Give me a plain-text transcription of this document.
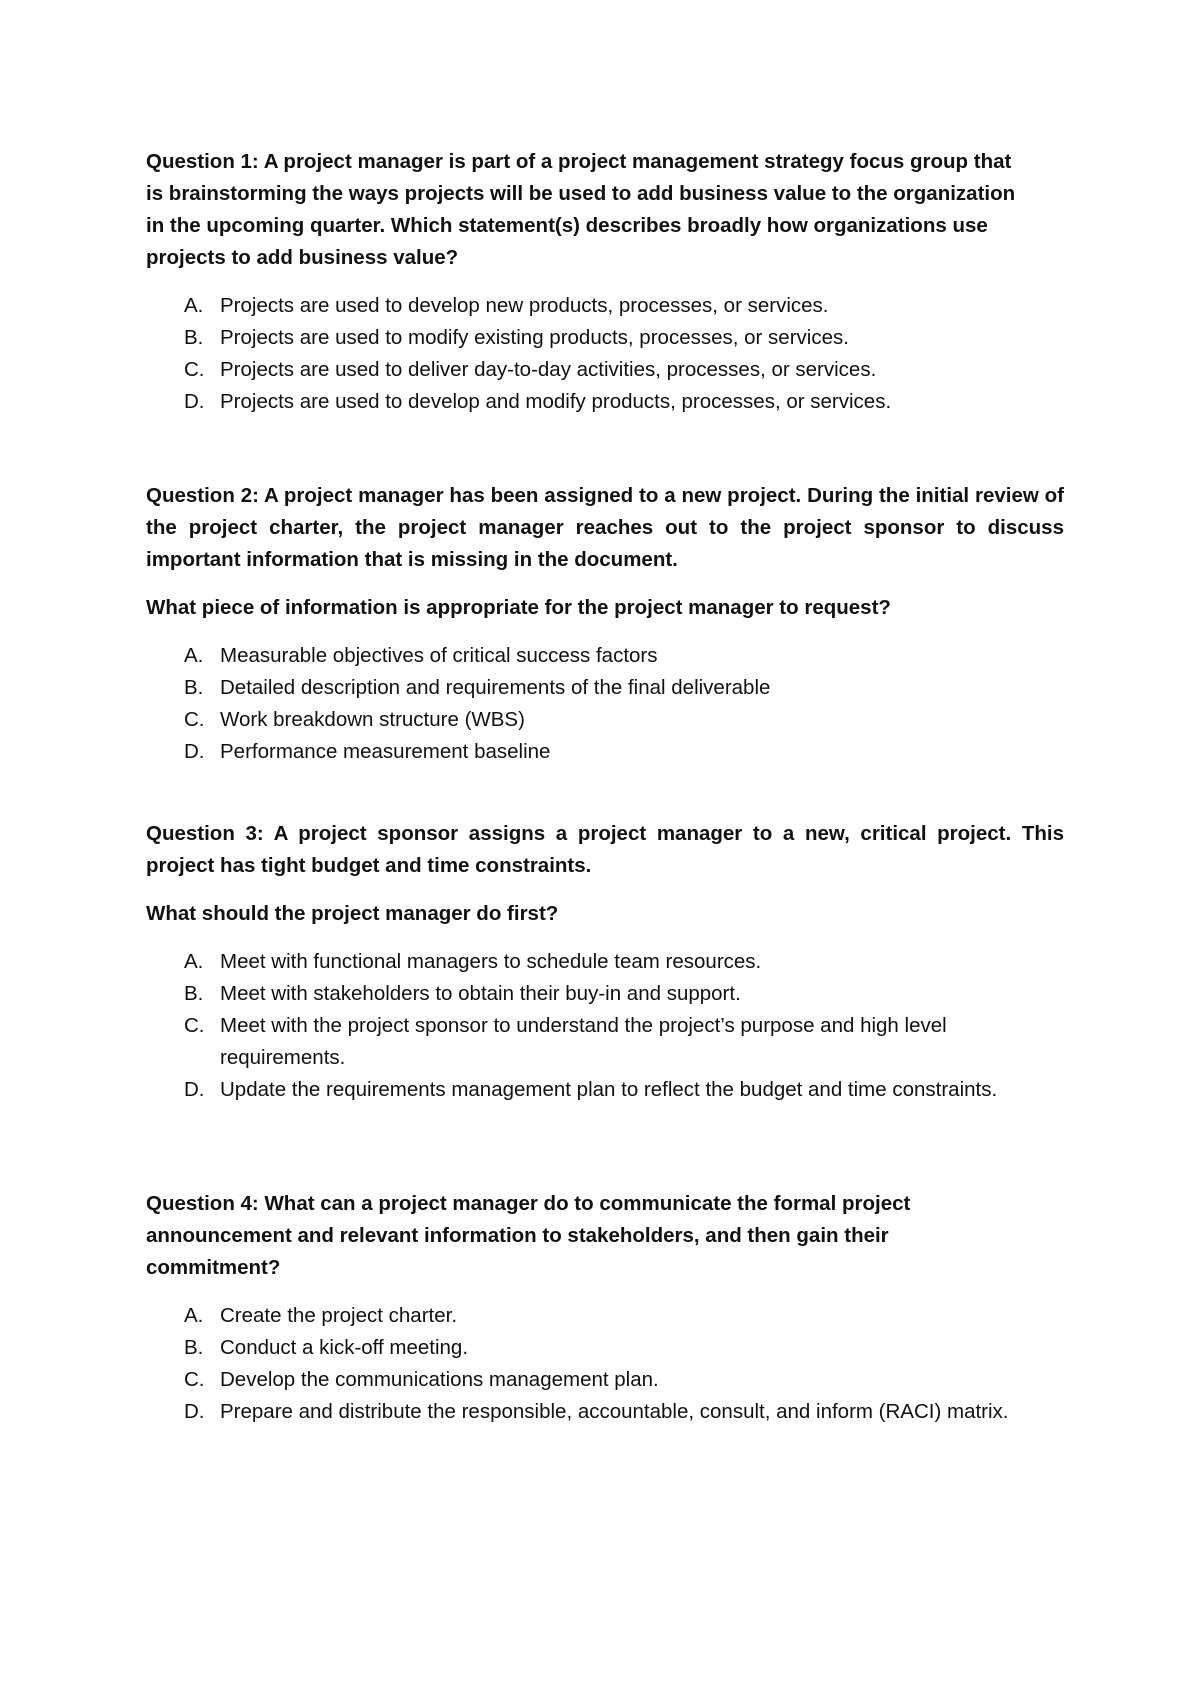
Question 1: A project manager is part of a project management strategy focus group that is brainstorming the ways projects will be used to add business value to the organization in the upcoming quarter. Which statement(s) describes broadly how organizations use projects to add business value?

A. Projects are used to develop new products, processes, or services.
B. Projects are used to modify existing products, processes, or services.
C. Projects are used to deliver day-to-day activities, processes, or services.
D. Projects are used to develop and modify products, processes, or services.

Question 2: A project manager has been assigned to a new project. During the initial review of the project charter, the project manager reaches out to the project sponsor to discuss important information that is missing in the document.

What piece of information is appropriate for the project manager to request?

A. Measurable objectives of critical success factors
B. Detailed description and requirements of the final deliverable
C. Work breakdown structure (WBS)
D. Performance measurement baseline

Question 3: A project sponsor assigns a project manager to a new, critical project. This project has tight budget and time constraints.

What should the project manager do first?

A. Meet with functional managers to schedule team resources.
B. Meet with stakeholders to obtain their buy-in and support.
C. Meet with the project sponsor to understand the project’s purpose and high level requirements.
D. Update the requirements management plan to reflect the budget and time constraints.

Question 4: What can a project manager do to communicate the formal project announcement and relevant information to stakeholders, and then gain their commitment?

A. Create the project charter.
B. Conduct a kick-off meeting.
C. Develop the communications management plan.
D. Prepare and distribute the responsible, accountable, consult, and inform (RACI) matrix.
